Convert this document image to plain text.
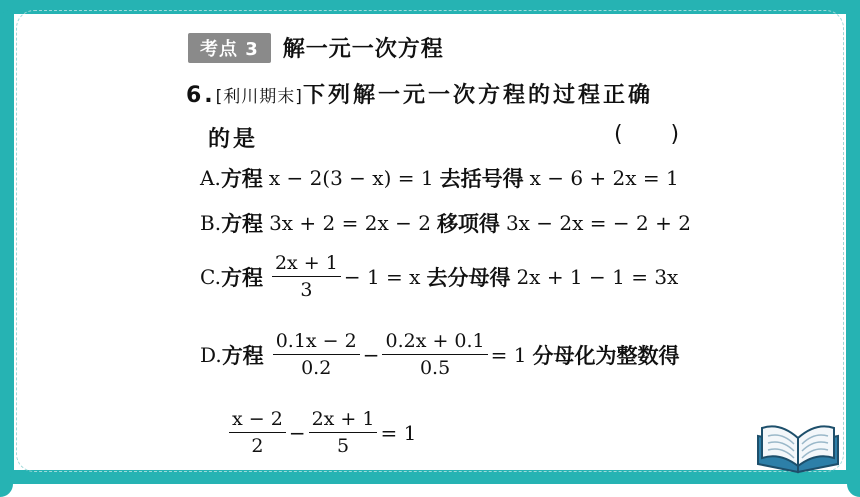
考点 3	解一元一次方程
6.[利川期末]下列解一元一次方程的过程正确
的是	(    )
A. 方程 x − 2(3 − x) = 1 去括号得 x − 6 + 2x = 1
B. 方程 3x + 2 = 2x − 2 移项得 3x − 2x = − 2 + 2
C. 方程 $\frac{2x + 1}{3} - 1 = x$ 去分母得 2x + 1 − 1 = 3x
D. 方程 $\frac{0.1x - 2}{0.2} - \frac{0.2x + 0.1}{0.5} = 1$ 分母化为整数得
$\frac{x - 2}{2} - \frac{2x + 1}{5} = 1$
